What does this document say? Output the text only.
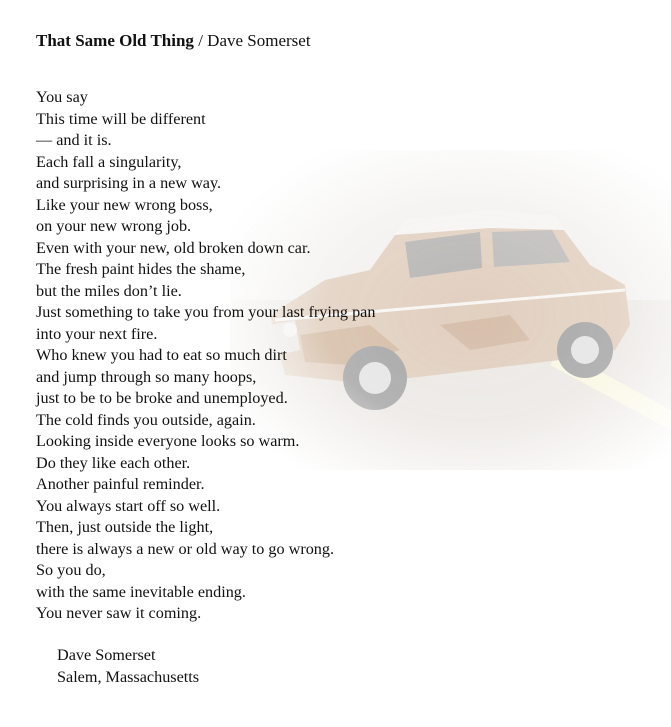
That Same Old Thing / Dave Somerset
You say
This time will be different
— and it is.
Each fall a singularity,
and surprising in a new way.
Like your new wrong boss,
on your new wrong job.
Even with your new, old broken down car.
The fresh paint hides the shame,
but the miles don’t lie.
Just something to take you from your last frying pan
into your next fire.
Who knew you had to eat so much dirt
and jump through so many hoops,
just to be to be broke and unemployed.
The cold finds you outside, again.
Looking inside everyone looks so warm.
Do they like each other.
Another painful reminder.
You always start off so well.
Then, just outside the light,
there is always a new or old way to go wrong.
So you do,
with the same inevitable ending.
You never saw it coming.
Dave Somerset
Salem, Massachusetts
